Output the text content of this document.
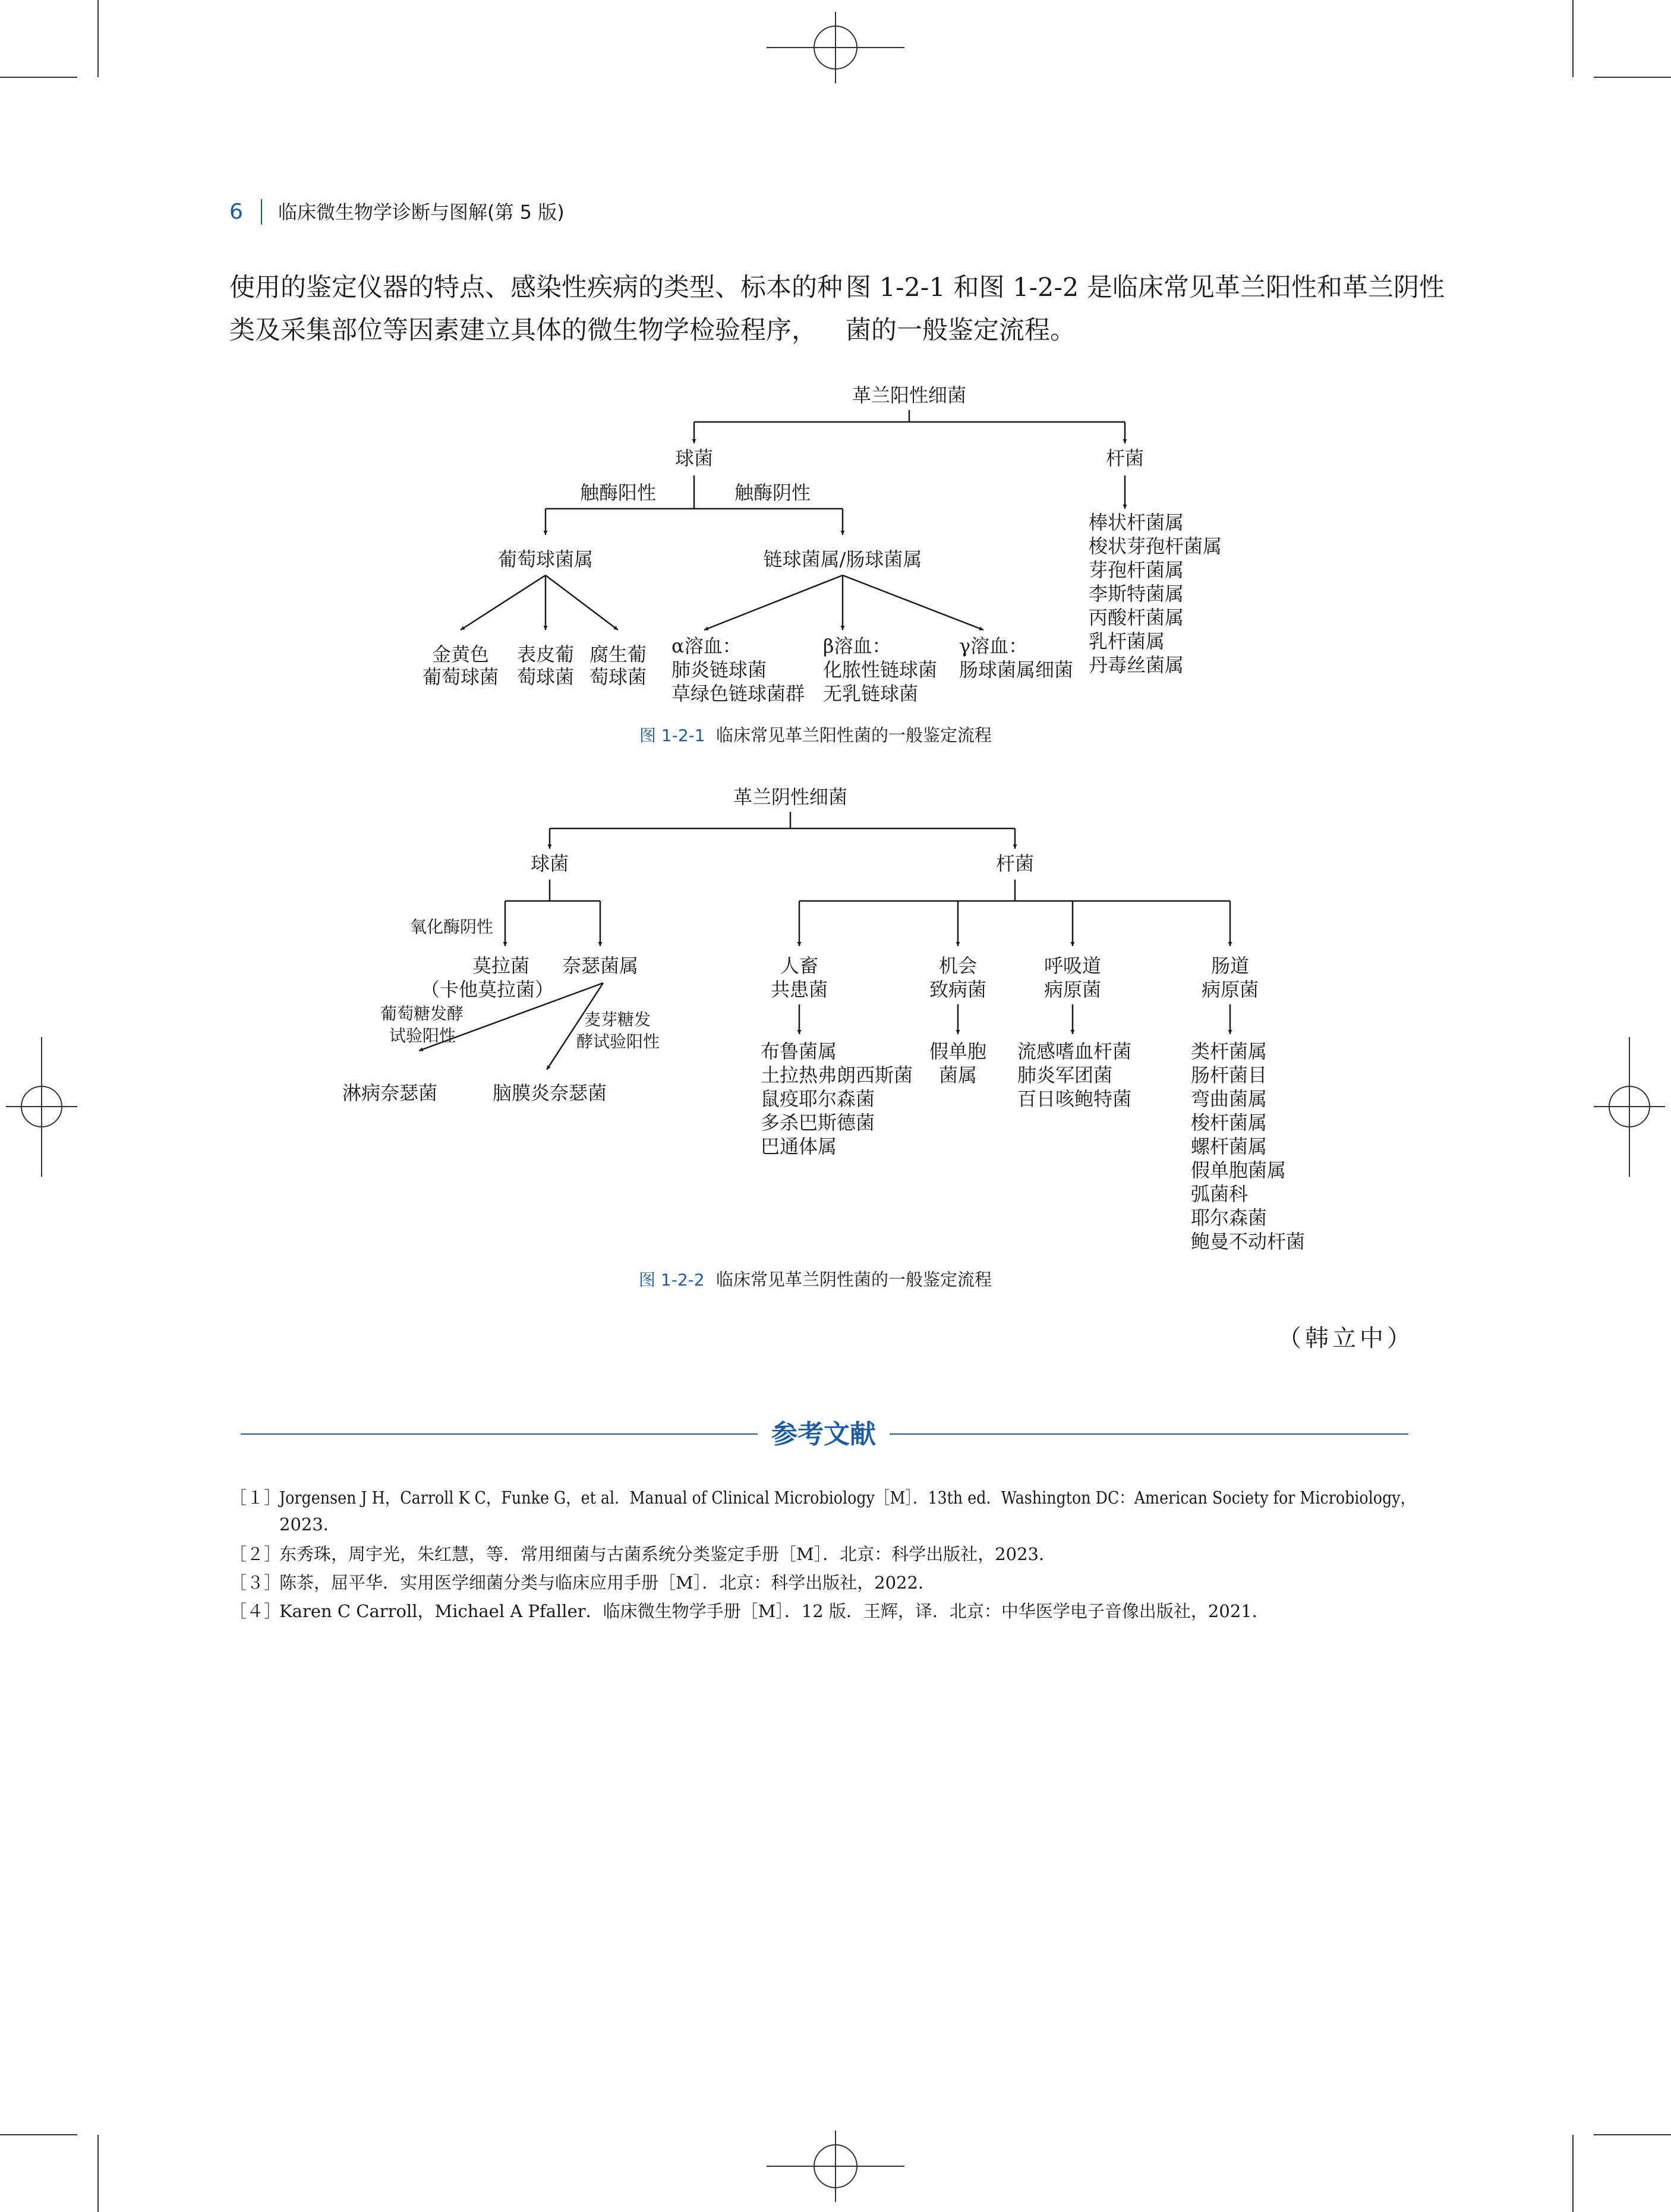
6 临床微生物学诊断与图解(第 5 版)
使用的鉴定仪器的特点、感染性疾病的类型、标本的种
类及采集部位等因素建立具体的微生物学检验程序，
图 1-2-1 和图 1-2-2 是临床常见革兰阳性和革兰阴性
菌的一般鉴定流程。
革兰阳性细菌
球菌	杆菌
触酶阳性	触酶阴性
葡萄球菌属	链球菌属/肠球菌属
金黄色
葡萄球菌
表皮葡
萄球菌
腐生葡
萄球菌
α溶血：
肺炎链球菌
草绿色链球菌群
β溶血：
化脓性链球菌
无乳链球菌
γ溶血：
肠球菌属细菌
棒状杆菌属
梭状芽孢杆菌属
芽孢杆菌属
李斯特菌属
丙酸杆菌属
乳杆菌属
丹毒丝菌属
图 1-2-1 临床常见革兰阳性菌的一般鉴定流程
革兰阴性细菌
球菌	杆菌
氧化酶阴性
莫拉菌
（卡他莫拉菌）
奈瑟菌属
葡萄糖发酵
试验阳性
麦芽糖发
酵试验阳性
淋病奈瑟菌	脑膜炎奈瑟菌
人畜
共患菌
机会
致病菌
呼吸道
病原菌
肠道
病原菌
布鲁菌属
土拉热弗朗西斯菌
鼠疫耶尔森菌
多杀巴斯德菌
巴通体属
假单胞
菌属
流感嗜血杆菌
肺炎军团菌
百日咳鲍特菌
类杆菌属
肠杆菌目
弯曲菌属
梭杆菌属
螺杆菌属
假单胞菌属
弧菌科
耶尔森菌
鲍曼不动杆菌
图 1-2-2 临床常见革兰阴性菌的一般鉴定流程
（韩立中）
参考文献
［１］
Jorgensen J H，Carroll K C，Funke G，et al．Manual of Clinical Microbiology［M］．13th ed．Washington DC：American Society for Microbiology，
2023．
［２］
东秀珠，周宇光，朱红慧，等．常用细菌与古菌系统分类鉴定手册［M］．北京：科学出版社，2023．
［３］
陈茶，屈平华．实用医学细菌分类与临床应用手册［M］．北京：科学出版社，2022．
［４］
Karen C Carroll，Michael A Pfaller．临床微生物学手册［M］．12 版．王辉，译．北京：中华医学电子音像出版社，2021．
